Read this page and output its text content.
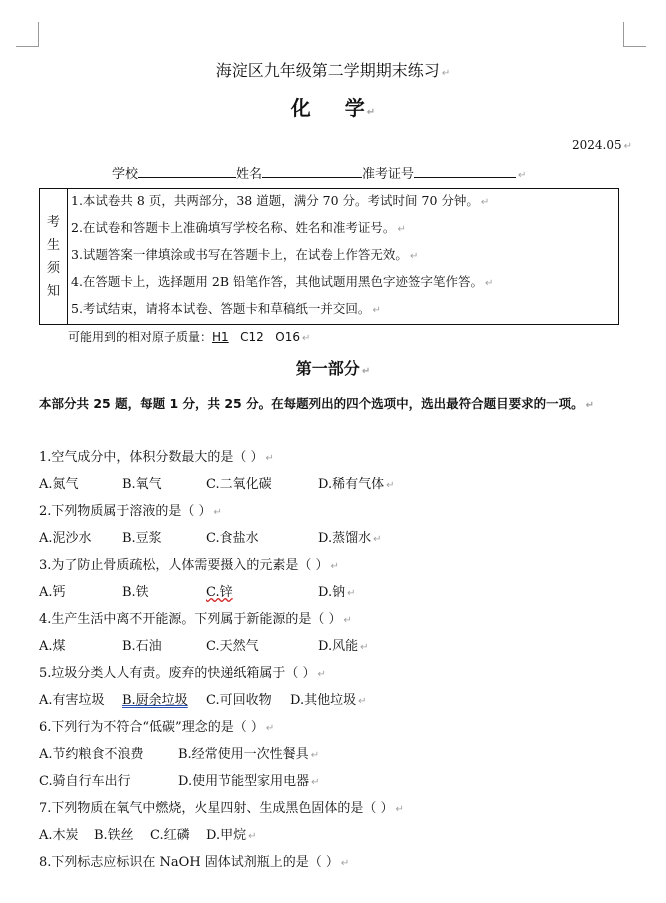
海淀区九年级第二学期期末练习 ↵
化 学 ↵
2024.05 ↵
学校	姓名	准考证号	↵
考
生
须
知
1.本试卷共 8 页，共两部分，38 道题，满分 70 分。考试时间 70 分钟。 ↵
2.在试卷和答题卡上准确填写学校名称、姓名和准考证号。 ↵
3.试题答案一律填涂或书写在答题卡上，在试卷上作答无效。 ↵
4.在答题卡上，选择题用 2B 铅笔作答，其他试题用黑色字迹签字笔作答。 ↵
5.考试结束，请将本试卷、答题卡和草稿纸一并交回。 ↵
可能用到的相对原子质量：H1 C12 O16 ↵
第一部分 ↵
本部分共 25 题，每题 1 分，共 25 分。在每题列出的四个选项中，选出最符合题目要求的一项。 ↵
1.空气成分中，体积分数最大的是（ ） ↵
A.氮气	B.氧气	C.二氧化碳	D.稀有气体 ↵
2.下列物质属于溶液的是（ ） ↵
A.泥沙水 B.豆浆	C.食盐水	D.蒸馏水 ↵
3.为了防止骨质疏松，人体需要摄入的元素是（ ） ↵
A.钙	B.铁	C.锌	D.钠 ↵
4.生产生活中离不开能源。下列属于新能源的是（ ） ↵
A.煤	B.石油	C.天然气	D.风能 ↵
5.垃圾分类人人有责。废弃的快递纸箱属于（ ） ↵
A.有害垃圾 B.厨余垃圾 C.可回收物 D.其他垃圾 ↵
6.下列行为不符合“低碳”理念的是（ ） ↵
A.节约粮食不浪费	B.经常使用一次性餐具 ↵
C.骑自行车出行	D.使用节能型家用电器 ↵
7.下列物质在氧气中燃烧，火星四射、生成黑色固体的是（ ） ↵
A.木炭 B.铁丝 C.红磷 D.甲烷 ↵
8.下列标志应标识在 NaOH 固体试剂瓶上的是（ ） ↵
